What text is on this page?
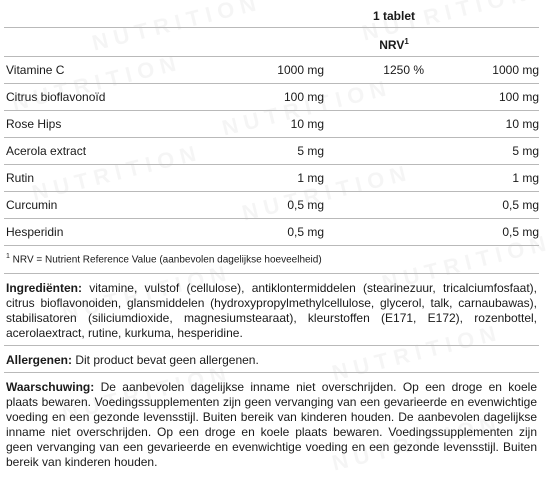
1 tablet
NRV$^1$
Vitamine C	1000 mg	1250 %	1000 mg
Citrus bioflavonoïd	100 mg		100 mg
Rose Hips	10 mg		10 mg
Acerola extract	5 mg		5 mg
Rutin	1 mg		1 mg
Curcumin	0,5 mg		0,5 mg
Hesperidin	0,5 mg		0,5 mg
$^1$ NRV = Nutrient Reference Value (aanbevolen dagelijkse hoeveelheid)
Ingrediënten: vitamine, vulstof (cellulose), antiklontermiddelen (stearinezuur, tricalciumfosfaat), citrus bioflavonoiden, glansmiddelen (hydroxypropylmethylcellulose, glycerol, talk, carnaubawas), stabilisatoren (siliciumdioxide, magnesiumstearaat), kleurstoffen (E171, E172), rozenbottel, acerolaextract, rutine, kurkuma, hesperidine.
Allergenen: Dit product bevat geen allergenen.
Waarschuwing: De aanbevolen dagelijkse inname niet overschrijden. Op een droge en koele plaats bewaren. Voedingssupplementen zijn geen vervanging van een gevarieerde en evenwichtige voeding en een gezonde levensstijl. Buiten bereik van kinderen houden. De aanbevolen dagelijkse inname niet overschrijden. Op een droge en koele plaats bewaren. Voedingssupplementen zijn geen vervanging van een gevarieerde en evenwichtige voeding en een gezonde levensstijl. Buiten bereik van kinderen houden.
